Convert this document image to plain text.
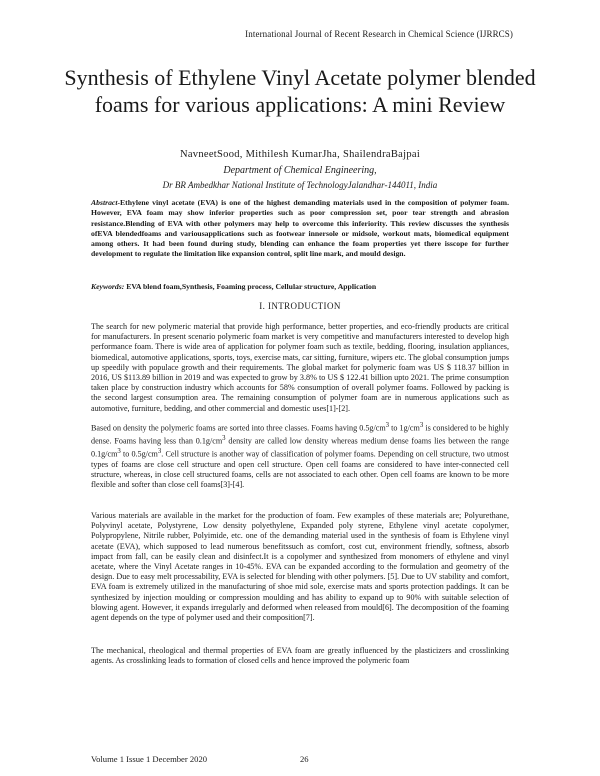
International Journal of Recent Research in Chemical Science (IJRRCS)
Synthesis of Ethylene Vinyl Acetate polymer blended foams for various applications: A mini Review
NavneetSood, Mithilesh KumarJha, ShailendraBajpai
Department of Chemical Engineering,
Dr BR Ambedkhar National Institute of TechnologyJalandhar-144011, India

Abstract-Ethylene vinyl acetate (EVA) is one of the highest demanding materials used in the composition of polymer foam. However, EVA foam may show inferior properties such as poor compression set, poor tear strength and abrasion resistance.Blending of EVA with other polymers may help to overcome this inferiority. This review discusses the synthesis ofEVA blendedfoams and variousapplications such as footwear innersole or midsole, workout mats, biomedical equipment among others. It had been found during study, blending can enhance the foam properties yet there isscope for further development to regulate the limitation like expansion control, split line mark, and mould design.

Keywords: EVA blend foam,Synthesis, Foaming process, Cellular structure, Application

I. INTRODUCTION

The search for new polymeric material that provide high performance, better properties, and eco-friendly products are critical for manufacturers. In present scenario polymeric foam market is very competitive and manufacturers interested to develop high performance foam. There is wide area of application for polymer foam such as textile, bedding, flooring, insulation appliances, biomedical, automotive applications, sports, toys, exercise mats, car sitting, furniture, wipers etc. The global consumption jumps up speedily with populace growth and their requirements. The global market for polymeric foam was US $ 118.37 billion in 2016, US $113.89 billion in 2019 and was expected to grow by 3.8% to US $ 122.41 billion upto 2021. The prime consumption taken place by construction industry which accounts for 58% consumption of overall polymer foams. Followed by packing is the second largest consumption area. The remaining consumption of polymer foam are in numerous applications such as automotive, furniture, bedding, and other commercial and domestic uses[1]-[2].

Based on density the polymeric foams are sorted into three classes. Foams having $0.5g/cm^3$ to $1g/cm^3$ is considered to be highly dense. Foams having less than $0.1g/cm^3$ density are called low density whereas medium dense foams lies between the range $0.1g/cm^3$ to $0.5g/cm^3$. Cell structure is another way of classification of polymer foams. Depending on cell structure, two utmost types of foams are close cell structure and open cell structure. Open cell foams are considered to have inter-connected cell structure, whereas, in close cell structured foams, cells are not associated to each other. Open cell foams are known to be more flexible and softer than close cell foams[3]-[4].

Various materials are available in the market for the production of foam. Few examples of these materials are; Polyurethane, Polyvinyl acetate, Polystyrene, Low density polyethylene, Expanded poly styrene, Ethylene vinyl acetate copolymer, Polypropylene, Nitrile rubber, Polyimide, etc. one of the demanding material used in the synthesis of foam is Ethylene vinyl acetate (EVA), which supposed to lead numerous benefitssuch as comfort, cost cut, environment friendly, softness, absorb impact from fall, can be easily clean and disinfect.It is a copolymer and synthesized from monomers of ethylene and vinyl acetate, where the Vinyl Acetate ranges in 10-45%. EVA can be expanded according to the formulation and geometry of the design. Due to easy melt processability, EVA is selected for blending with other polymers. [5]. Due to UV stability and comfort, EVA foam is extremely utilized in the manufacturing of shoe mid sole, exercise mats and sports protection paddings. It can be synthesized by injection moulding or compression moulding and has ability to expand up to 90% with suitable selection of blowing agent. However, it expands irregularly and deformed when released from mould[6]. The decomposition of the foaming agent depends on the type of polymer used and their composition[7].

The mechanical, rheological and thermal properties of EVA foam are greatly influenced by the plasticizers and crosslinking agents. As crosslinking leads to formation of closed cells and hence improved the polymeric foam

Volume 1 Issue 1 December 2020	26
